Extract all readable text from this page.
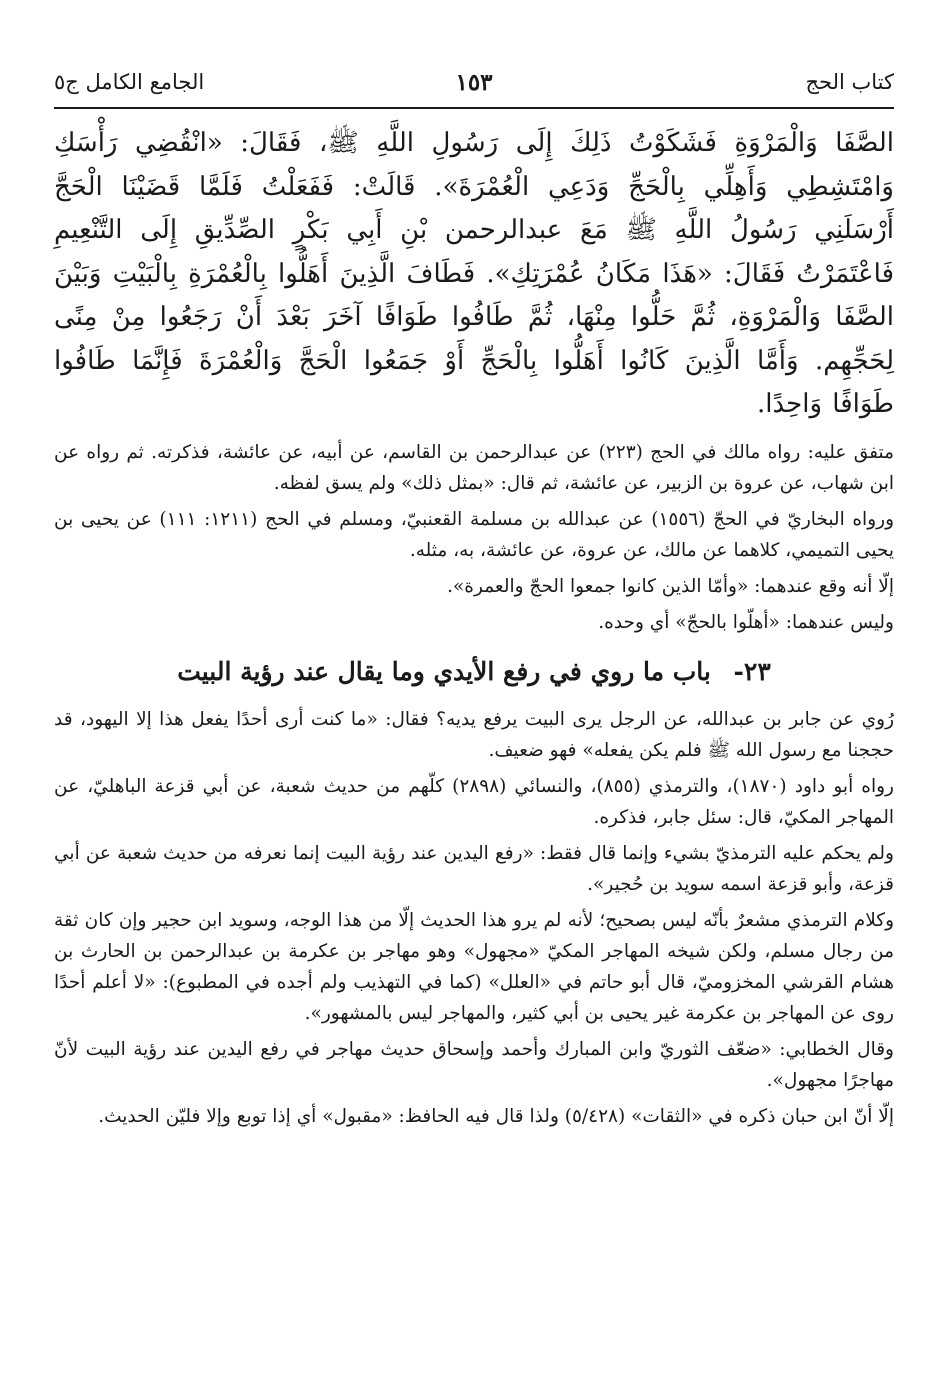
كتاب الحج
١٥٣
الجامع الكامل ج٥

الصَّفَا وَالْمَرْوَةِ فَشَكَوْتُ ذَلِكَ إِلَى رَسُولِ اللَّهِ ﷺ، فَقَالَ: «انْقُضِي رَأْسَكِ وَامْتَشِطِي وَأَهِلِّي بِالْحَجِّ وَدَعِي الْعُمْرَةَ». قَالَتْ: فَفَعَلْتُ فَلَمَّا قَضَيْنَا الْحَجَّ أَرْسَلَنِي رَسُولُ اللَّهِ ﷺ مَعَ عبدالرحمن بْنِ أَبِي بَكْرٍ الصِّدِّيقِ إِلَى التَّنْعِيمِ فَاعْتَمَرْتُ فَقَالَ: «هَذَا مَكَانُ عُمْرَتِكِ». فَطَافَ الَّذِينَ أَهَلُّوا بِالْعُمْرَةِ بِالْبَيْتِ وَبَيْنَ الصَّفَا وَالْمَرْوَةِ، ثُمَّ حَلُّوا مِنْهَا، ثُمَّ طَافُوا طَوَافًا آخَرَ بَعْدَ أَنْ رَجَعُوا مِنْ مِنًى لِحَجِّهِم. وَأَمَّا الَّذِينَ كَانُوا أَهَلُّوا بِالْحَجِّ أَوْ جَمَعُوا الْحَجَّ وَالْعُمْرَةَ فَإِنَّمَا طَافُوا طَوَافًا وَاحِدًا.

متفق عليه: رواه مالك في الحج (٢٢٣) عن عبدالرحمن بن القاسم، عن أبيه، عن عائشة، فذكرته. ثم رواه عن ابن شهاب، عن عروة بن الزبير، عن عائشة، ثم قال: «بمثل ذلك» ولم يسق لفظه.

ورواه البخاريّ في الحجّ (١٥٥٦) عن عبدالله بن مسلمة القعنبيّ، ومسلم في الحج (١٢١١: ١١١) عن يحيى بن يحيى التميمي، كلاهما عن مالك، عن عروة، عن عائشة، به، مثله.

إلّا أنه وقع عندهما: «وأمّا الذين كانوا جمعوا الحجّ والعمرة».

وليس عندهما: «أهلّوا بالحجّ» أي وحده.

٢٣- باب ما روي في رفع الأيدي وما يقال عند رؤية البيت

رُوي عن جابر بن عبدالله، عن الرجل يرى البيت يرفع يديه؟ فقال: «ما كنت أرى أحدًا يفعل هذا إلا اليهود، قد حججنا مع رسول الله ﷺ فلم يكن يفعله» فهو ضعيف.

رواه أبو داود (١٨٧٠)، والترمذي (٨٥٥)، والنسائي (٢٨٩٨) كلّهم من حديث شعبة، عن أبي قزعة الباهليّ، عن المهاجر المكيّ، قال: سئل جابر، فذكره.

ولم يحكم عليه الترمذيّ بشيء وإنما قال فقط: «رفع اليدين عند رؤية البيت إنما نعرفه من حديث شعبة عن أبي قزعة، وأبو قزعة اسمه سويد بن حُجير».

وكلام الترمذي مشعرٌ بأنّه ليس بصحيح؛ لأنه لم يرو هذا الحديث إلّا من هذا الوجه، وسويد ابن حجير وإن كان ثقة من رجال مسلم، ولكن شيخه المهاجر المكيّ «مجهول» وهو مهاجر بن عكرمة بن عبدالرحمن بن الحارث بن هشام القرشي المخزوميّ، قال أبو حاتم في «العلل» (كما في التهذيب ولم أجده في المطبوع): «لا أعلم أحدًا روى عن المهاجر بن عكرمة غير يحيى بن أبي كثير، والمهاجر ليس بالمشهور».

وقال الخطابي: «ضعّف الثوريّ وابن المبارك وأحمد وإسحاق حديث مهاجر في رفع اليدين عند رؤية البيت لأنّ مهاجرًا مجهول».

إلّا أنّ ابن حبان ذكره في «الثقات» (٥/٤٢٨) ولذا قال فيه الحافظ: «مقبول» أي إذا توبع وإلا فليّن الحديث.
